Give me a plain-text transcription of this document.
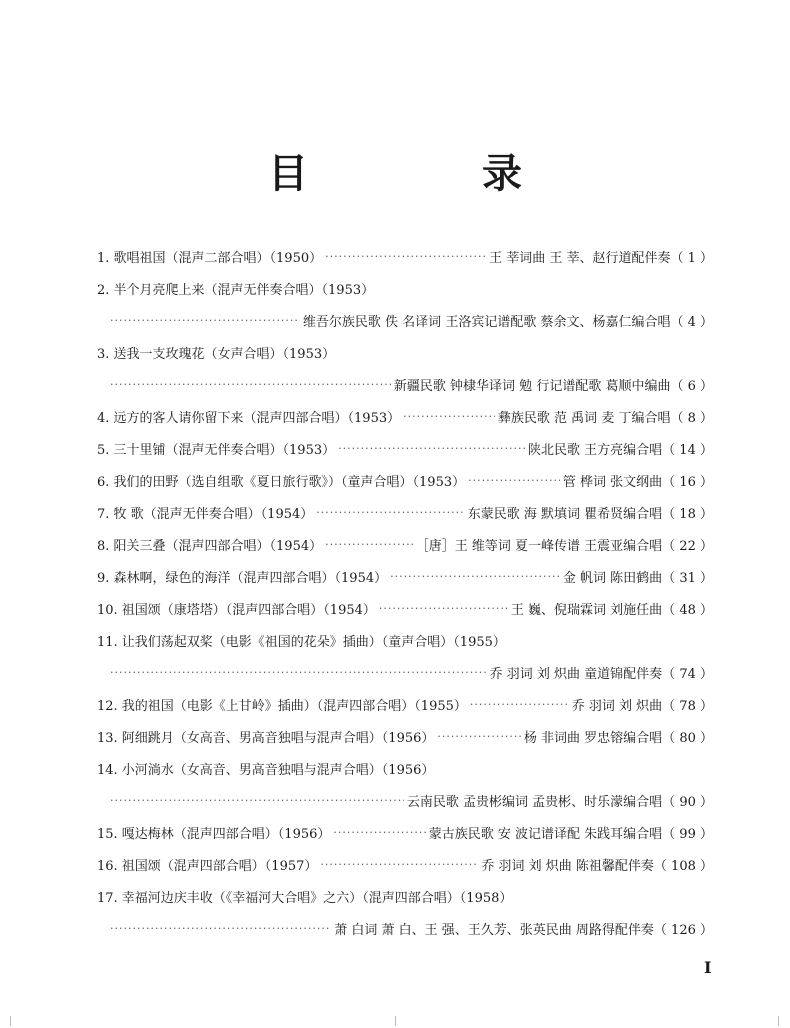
目 录
1. 歌唱祖国（混声二部合唱）（1950） ·····	王 莘词曲 王 莘、赵行道配伴奏（ 1 ）
2. 半个月亮爬上来（混声无伴奏合唱）（1953）
·····
维吾尔族民歌 佚 名译词 王洛宾记谱配歌 蔡余文、杨嘉仁编合唱（ 4 ）
3. 送我一支玫瑰花（女声合唱）（1953）
·····
新疆民歌 钟棣华译词 勉 行记谱配歌 葛顺中编曲（ 6 ）
4. 远方的客人请你留下来（混声四部合唱）（1953） ·····	彝族民歌 范 禹词 麦 丁编合唱（ 8 ）
5. 三十里铺（混声无伴奏合唱）（1953） ·····	陕北民歌 王方亮编合唱（ 14 ）
6. 我们的田野（选自组歌《夏日旅行歌》）（童声合唱）（1953） ·····	管 桦词 张文纲曲（ 16 ）
7. 牧 歌（混声无伴奏合唱）（1954） ·····	东蒙民歌 海 默填词 瞿希贤编合唱（ 18 ）
8. 阳关三叠（混声四部合唱）（1954） ·····	［唐］王 维等词 夏一峰传谱 王震亚编合唱（ 22 ）
9. 森林啊，绿色的海洋（混声四部合唱）（1954） ·····	金 帆词 陈田鹤曲（ 31 ）
10. 祖国颂（康塔塔）（混声四部合唱）（1954） ·····	王 巍、倪瑞霖词 刘施任曲（ 48 ）
11. 让我们荡起双桨（电影《祖国的花朵》插曲）（童声合唱）（1955）
·····
乔 羽词 刘 炽曲 童道锦配伴奏（ 74 ）
12. 我的祖国（电影《上甘岭》插曲）（混声四部合唱）（1955） ·····	乔 羽词 刘 炽曲（ 78 ）
13. 阿细跳月（女高音、男高音独唱与混声合唱）（1956） ·····	杨 非词曲 罗忠镕编合唱（ 80 ）
14. 小河淌水（女高音、男高音独唱与混声合唱）（1956）
·····
云南民歌 孟贵彬编词 孟贵彬、时乐濛编合唱（ 90 ）
15. 嘎达梅林（混声四部合唱）（1956） ·····	蒙古族民歌 安 波记谱译配 朱践耳编合唱（ 99 ）
16. 祖国颂（混声四部合唱）（1957） ·····	乔 羽词 刘 炽曲 陈祖馨配伴奏（ 108 ）
17. 幸福河边庆丰收（《幸福河大合唱》之六）（混声四部合唱）（1958）
·····
萧 白词 萧 白、王 强、王久芳、张英民曲 周路得配伴奏（ 126 ）
I
